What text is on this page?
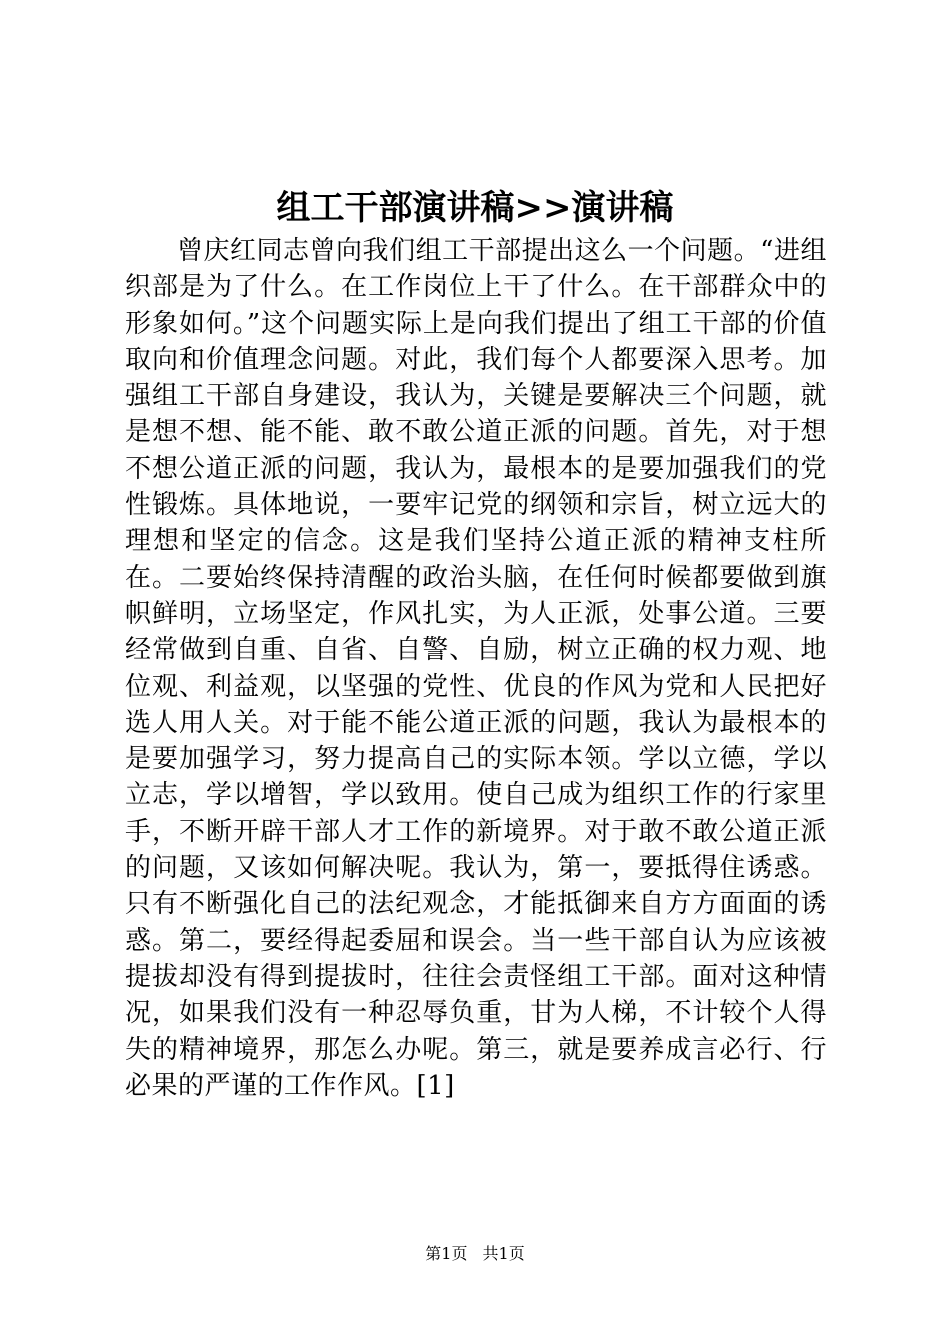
组工干部演讲稿>>演讲稿

曾庆红同志曾向我们组工干部提出这么一个问题。“进组织部是为了什么。在工作岗位上干了什么。在干部群众中的形象如何。”这个问题实际上是向我们提出了组工干部的价值取向和价值理念问题。对此，我们每个人都要深入思考。加强组工干部自身建设，我认为，关键是要解决三个问题，就是想不想、能不能、敢不敢公道正派的问题。首先，对于想不想公道正派的问题，我认为，最根本的是要加强我们的党性锻炼。具体地说，一要牢记党的纲领和宗旨，树立远大的理想和坚定的信念。这是我们坚持公道正派的精神支柱所在。二要始终保持清醒的政治头脑，在任何时候都要做到旗帜鲜明，立场坚定，作风扎实，为人正派，处事公道。三要经常做到自重、自省、自警、自励，树立正确的权力观、地位观、利益观，以坚强的党性、优良的作风为党和人民把好选人用人关。对于能不能公道正派的问题，我认为最根本的是要加强学习，努力提高自己的实际本领。学以立德，学以立志，学以增智，学以致用。使自己成为组织工作的行家里手，不断开辟干部人才工作的新境界。对于敢不敢公道正派的问题，又该如何解决呢。我认为，第一，要抵得住诱惑。只有不断强化自己的法纪观念，才能抵御来自方方面面的诱惑。第二，要经得起委屈和误会。当一些干部自认为应该被提拔却没有得到提拔时，往往会责怪组工干部。面对这种情况，如果我们没有一种忍辱负重，甘为人梯，不计较个人得失的精神境界，那怎么办呢。第三，就是要养成言必行、行必果的严谨的工作作风。[1]

第1页 共1页
